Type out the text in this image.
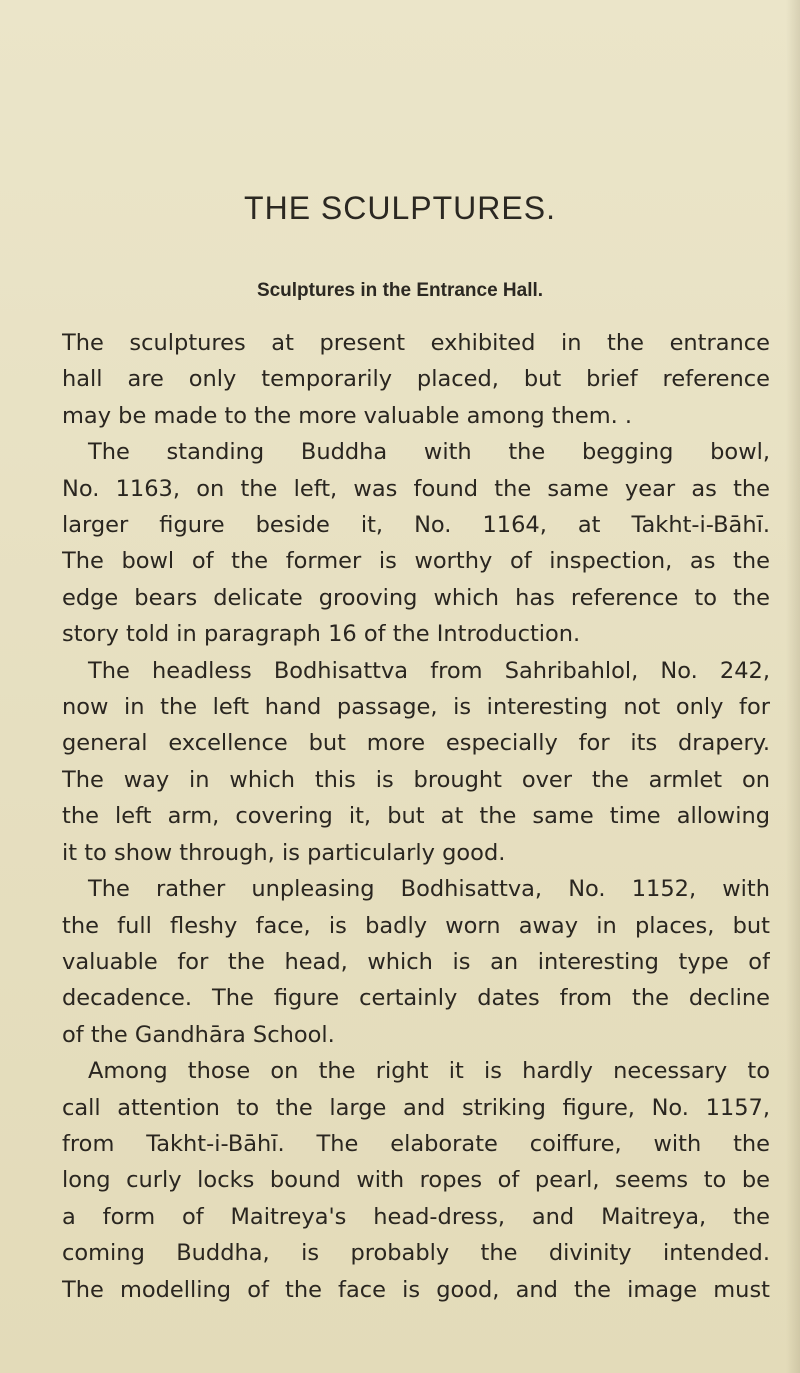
THE SCULPTURES.
Sculptures in the Entrance Hall.
The sculptures at present exhibited in the entrance
hall are only temporarily placed, but brief reference
may be made to the more valuable among them. .
The standing Buddha with the begging bowl,
No. 1163, on the left, was found the same year as the
larger figure beside it, No. 1164, at Takht-i-Bāhī.
The bowl of the former is worthy of inspection, as the
edge bears delicate grooving which has reference to the
story told in paragraph 16 of the Introduction.
The headless Bodhisattva from Sahribahlol, No. 242,
now in the left hand passage, is interesting not only for
general excellence but more especially for its drapery.
The way in which this is brought over the armlet on
the left arm, covering it, but at the same time allowing
it to show through, is particularly good.
The rather unpleasing Bodhisattva, No. 1152, with
the full fleshy face, is badly worn away in places, but
valuable for the head, which is an interesting type of
decadence. The figure certainly dates from the decline
of the Gandhāra School.
Among those on the right it is hardly necessary to
call attention to the large and striking figure, No. 1157,
from Takht-i-Bāhī. The elaborate coiffure, with the
long curly locks bound with ropes of pearl, seems to be
a form of Maitreya's head-dress, and Maitreya, the
coming Buddha, is probably the divinity intended.
The modelling of the face is good, and the image must
